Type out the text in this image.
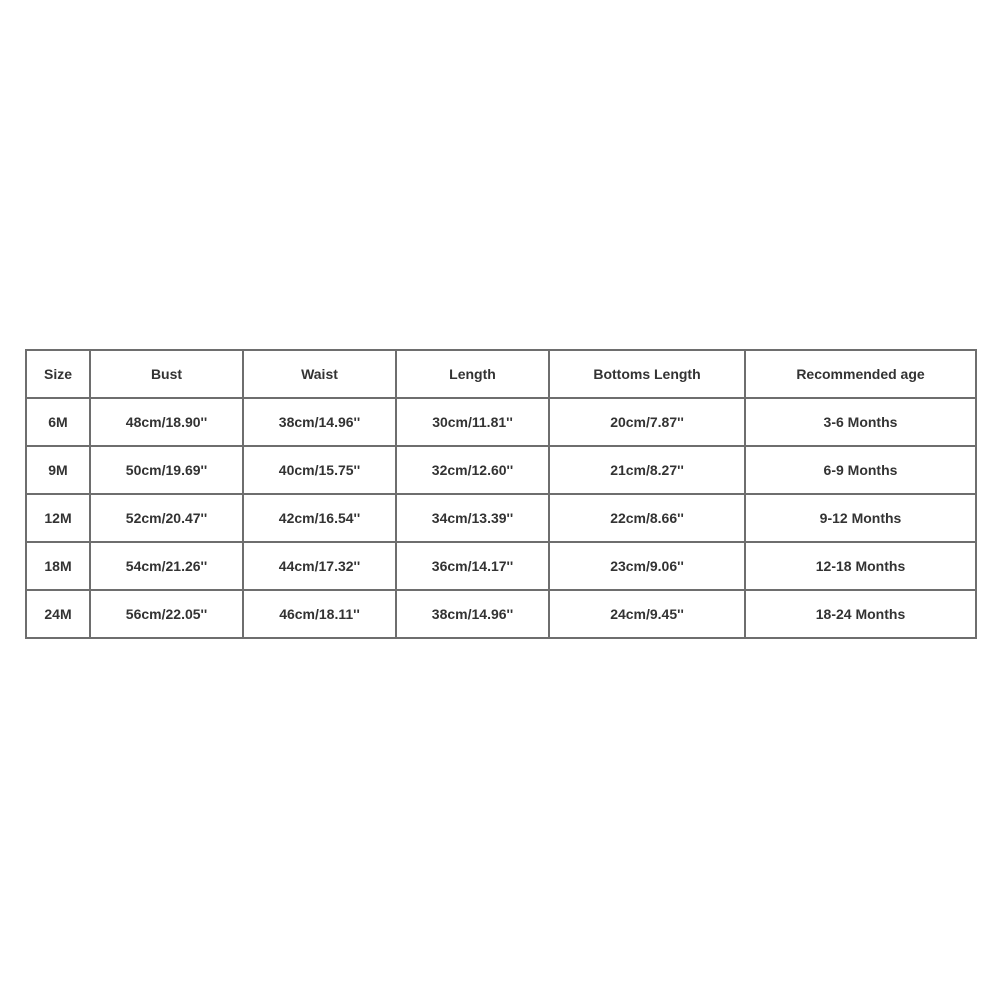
Size	Bust	Waist	Length	Bottoms Length	Recommended age
6M	48cm/18.90''	38cm/14.96''	30cm/11.81''	20cm/7.87''	3-6 Months
9M	50cm/19.69''	40cm/15.75''	32cm/12.60''	21cm/8.27''	6-9 Months
12M	52cm/20.47''	42cm/16.54''	34cm/13.39''	22cm/8.66''	9-12 Months
18M	54cm/21.26''	44cm/17.32''	36cm/14.17''	23cm/9.06''	12-18 Months
24M	56cm/22.05''	46cm/18.11''	38cm/14.96''	24cm/9.45''	18-24 Months
